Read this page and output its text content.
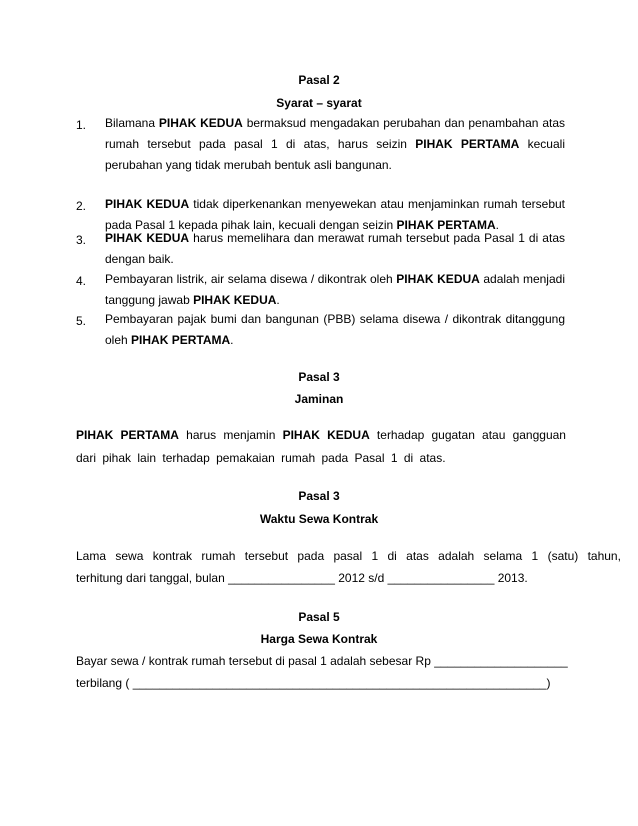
Pasal 2
Syarat – syarat
1. Bilamana PIHAK KEDUA bermaksud mengadakan perubahan dan penambahan atas rumah tersebut pada pasal 1 di atas, harus seizin PIHAK PERTAMA kecuali perubahan yang tidak merubah bentuk asli bangunan.
2. PIHAK KEDUA tidak diperkenankan menyewekan atau menjaminkan rumah tersebut pada Pasal 1 kepada pihak lain, kecuali dengan seizin PIHAK PERTAMA.
3. PIHAK KEDUA harus memelihara dan merawat rumah tersebut pada Pasal 1 di atas dengan baik.
4. Pembayaran listrik, air selama disewa / dikontrak oleh PIHAK KEDUA adalah menjadi tanggung jawab PIHAK KEDUA.
5. Pembayaran pajak bumi dan bangunan (PBB) selama disewa / dikontrak ditanggung oleh PIHAK PERTAMA.
Pasal 3
Jaminan
PIHAK PERTAMA harus menjamin PIHAK KEDUA terhadap gugatan atau gangguan dari pihak lain terhadap pemakaian rumah pada Pasal 1 di atas.
Pasal 3
Waktu Sewa Kontrak
Lama sewa kontrak rumah tersebut pada pasal 1 di atas adalah selama 1 (satu) tahun,
terhitung dari tanggal, bulan ________________ 2012 s/d ________________ 2013.
Pasal 5
Harga Sewa Kontrak
Bayar sewa / kontrak rumah tersebut di pasal 1 adalah sebesar Rp ____________________
terbilang ( ______________________________________________________________)
